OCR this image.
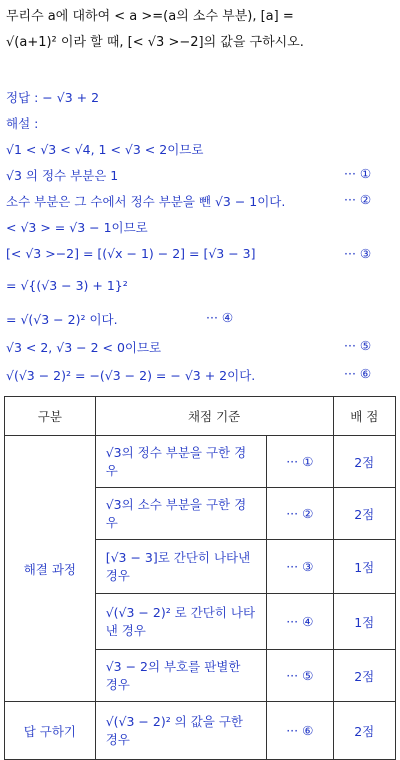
무리수 a에 대하여 < a >=(a의 소수 부분), [a] =
√(a+1)² 이라 할 때, [< √3 >−2]의 값을 구하시오.
정답 : − √3 + 2
해설 :
√1 < √3 < √4, 1 < √3 < 2이므로
√3 의 정수 부분은 1	··· ①
소수 부분은 그 수에서 정수 부분을 뺀 √3 − 1이다.	··· ②
< √3 > = √3 − 1이므로
[< √3 >−2] = [(√x − 1) − 2] = [√3 − 3]	··· ③
= √{(√3 − 3) + 1}²
= √(√3 − 2)² 이다.	··· ④
√3 < 2, √3 − 2 < 0이므로	··· ⑤
√(√3 − 2)² = −(√3 − 2) = − √3 + 2이다.	··· ⑥
구분	채점 기준		배 점
해결 과정	√3의 정수 부분을 구한 경우	··· ①	2점
	√3의 소수 부분을 구한 경우	··· ②	2점
	[√3 − 3]로 간단히 나타낸 경우	··· ③	1점
	√(√3 − 2)² 로 간단히 나타낸 경우	··· ④	1점
	√3 − 2의 부호를 판별한 경우	··· ⑤	2점
답 구하기	√(√3 − 2)² 의 값을 구한 경우	··· ⑥	2점
